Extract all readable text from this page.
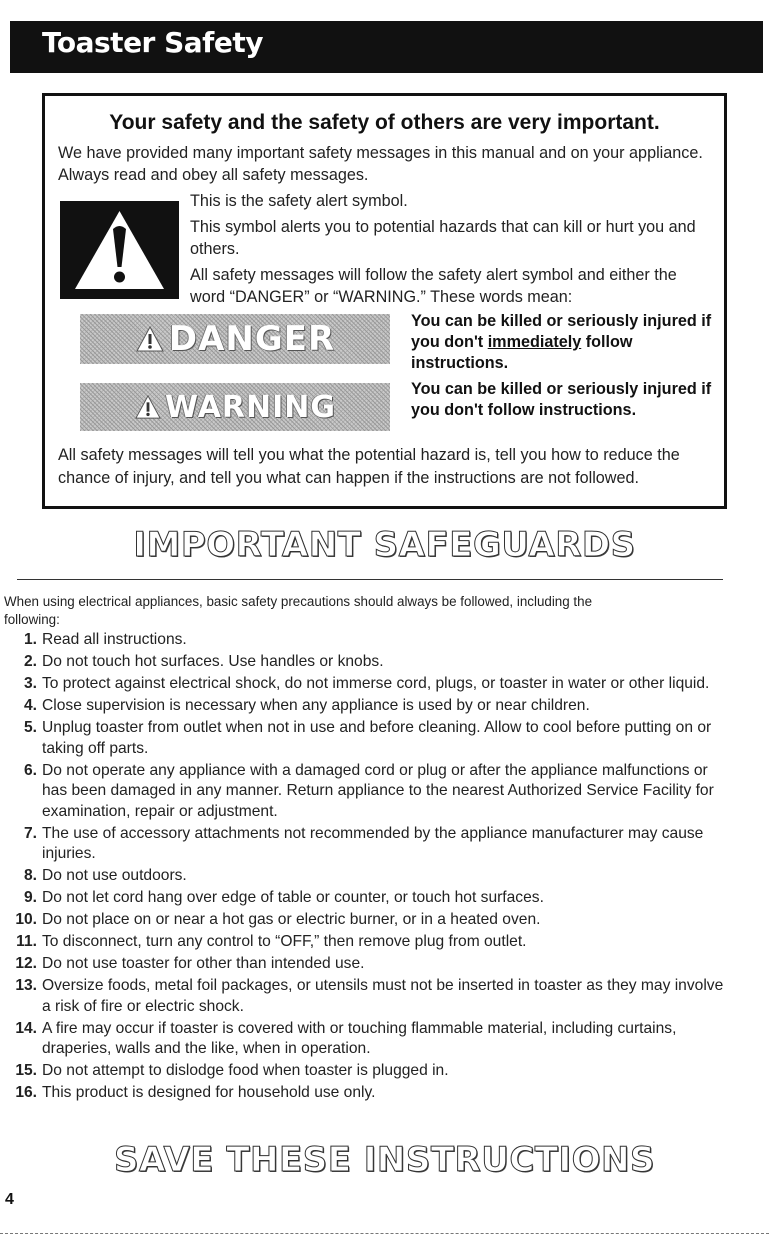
Toaster Safety
Your safety and the safety of others are very important.
We have provided many important safety messages in this manual and on your appliance. Always read and obey all safety messages.

This is the safety alert symbol.

This symbol alerts you to potential hazards that can kill or hurt you and others.

All safety messages will follow the safety alert symbol and either the word “DANGER” or “WARNING.” These words mean:

DANGER	You can be killed or seriously injured if you don't immediately follow instructions.
WARNING
You can be killed or seriously injured if you don't follow instructions.
All safety messages will tell you what the potential hazard is, tell you how to reduce the chance of injury, and tell you what can happen if the instructions are not followed.
IMPORTANT SAFEGUARDS
When using electrical appliances, basic safety precautions should always be followed, including the following:
1. Read all instructions.
2. Do not touch hot surfaces. Use handles or knobs.
3. To protect against electrical shock, do not immerse cord, plugs, or toaster in water or other liquid.
4. Close supervision is necessary when any appliance is used by or near children.
5. Unplug toaster from outlet when not in use and before cleaning. Allow to cool before putting on or taking off parts.
6. Do not operate any appliance with a damaged cord or plug or after the appliance malfunctions or has been damaged in any manner. Return appliance to the nearest Authorized Service Facility for examination, repair or adjustment.
7. The use of accessory attachments not recommended by the appliance manufacturer may cause injuries.
8. Do not use outdoors.
9. Do not let cord hang over edge of table or counter, or touch hot surfaces.
10. Do not place on or near a hot gas or electric burner, or in a heated oven.
11. To disconnect, turn any control to “OFF,” then remove plug from outlet.
12. Do not use toaster for other than intended use.
13. Oversize foods, metal foil packages, or utensils must not be inserted in toaster as they may involve a risk of fire or electric shock.
14. A fire may occur if toaster is covered with or touching flammable material, including curtains, draperies, walls and the like, when in operation.
15. Do not attempt to dislodge food when toaster is plugged in.
16. This product is designed for household use only.
SAVE THESE INSTRUCTIONS
4
